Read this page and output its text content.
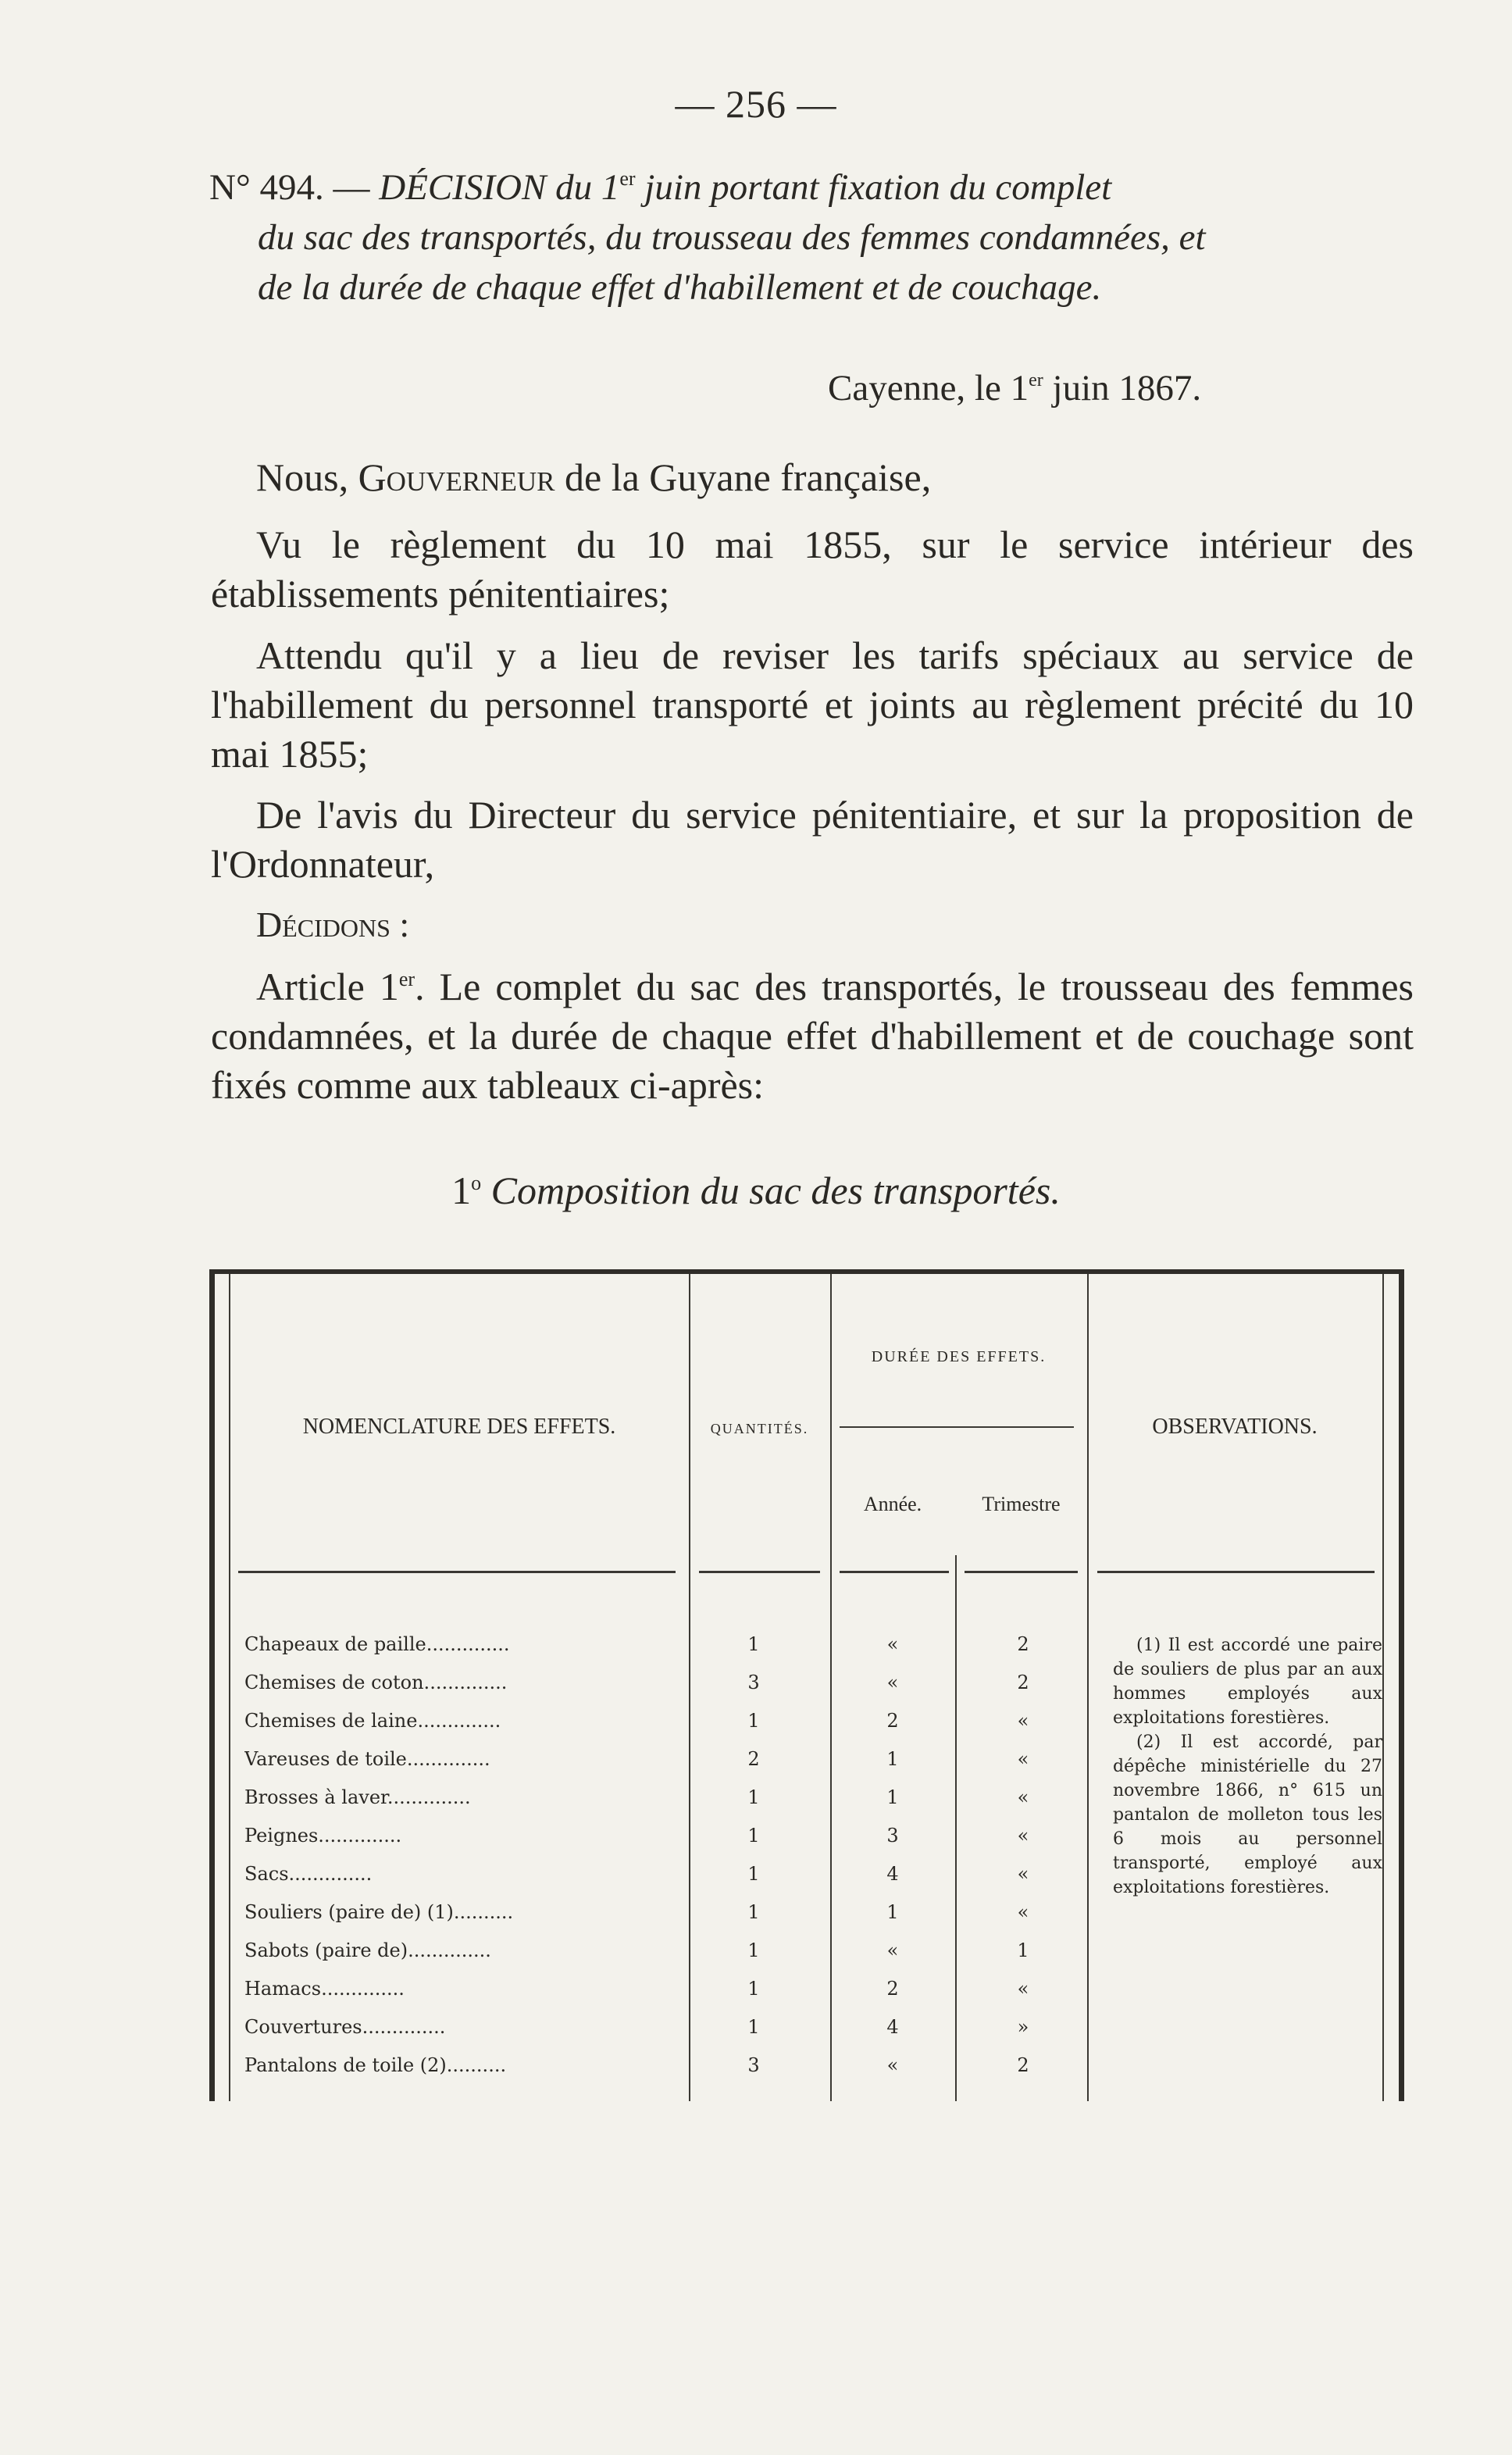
— 256 —
N° 494. — DÉCISION du 1er juin portant fixation du complet
du sac des transportés, du trousseau des femmes condamnées, et
de la durée de chaque effet d'habillement et de couchage.
Cayenne, le 1er juin 1867.
Nous, Gouverneur de la Guyane française,
Vu le règlement du 10 mai 1855, sur le service intérieur des établissements pénitentiaires;
Attendu qu'il y a lieu de reviser les tarifs spéciaux au service de l'habillement du personnel transporté et joints au règlement précité du 10 mai 1855;
De l'avis du Directeur du service pénitentiaire, et sur la proposition de l'Ordonnateur,
Décidons :
Article 1er. Le complet du sac des transportés, le trousseau des femmes condamnées, et la durée de chaque effet d'habillement et de couchage sont fixés comme aux tableaux ci-après:
1$^o$ Composition du sac des transportés.
NOMENCLATURE DES EFFETS.	QUANTITÉS.
DURÉE DES EFFETS.
Année.	Trimestre
OBSERVATIONS.
Chapeaux de paille..............	1	«	2
Chemises de coton..............	3	«	2
Chemises de laine..............	1	2	«
Vareuses de toile..............	2	1	«
Brosses à laver..............	1	1	«
Peignes..............	1	3	«
Sacs..............	1	4	«
Souliers (paire de) (1)..........	1	1	«
Sabots (paire de)..............	1	«	1
Hamacs..............	1	2	«
Couvertures..............	1	4	»
Pantalons de toile (2)..........	3	«	2

(1) Il est accordé une paire de souliers de plus par an aux hommes employés aux exploitations forestières.

(2) Il est accordé, par dépêche ministérielle du 27 novembre 1866, n° 615 un pantalon de molleton tous les 6 mois au personnel transporté, employé aux exploitations forestières.
